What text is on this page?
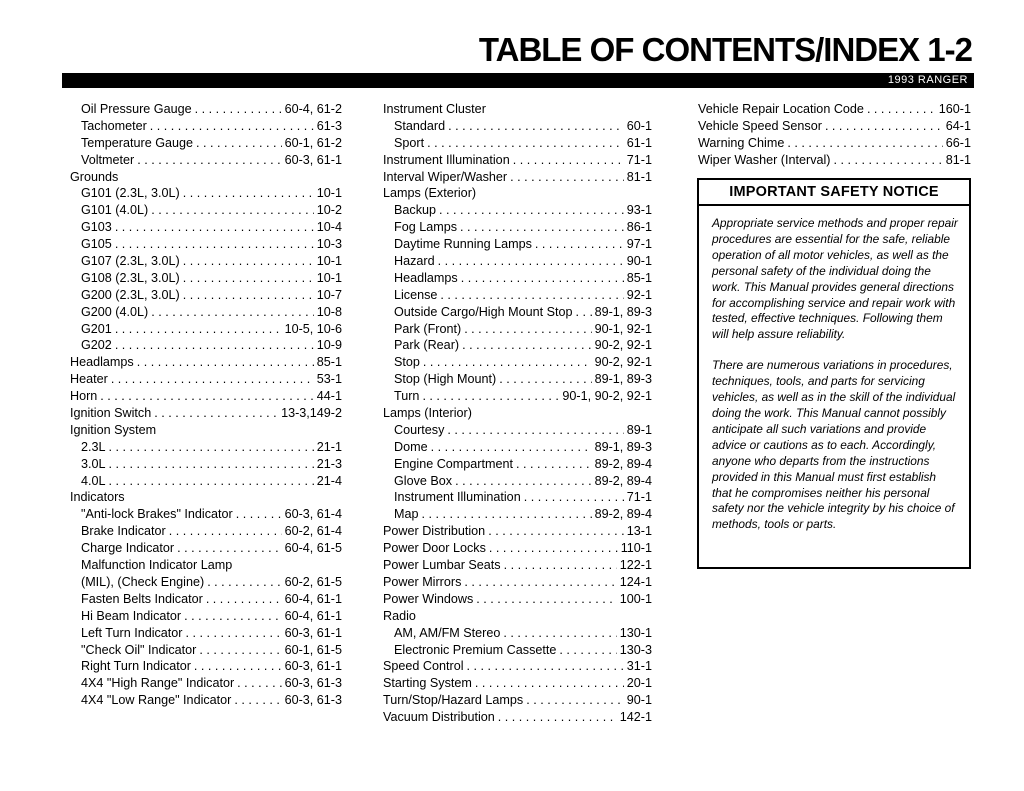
TABLE OF CONTENTS/INDEX 1-2
1993 RANGER
Oil Pressure Gauge . . .	60-4, 61-2
Tachometer . . .	61-3
Temperature Gauge . . .	60-1, 61-2
Voltmeter . . .	60-3, 61-1
Grounds
G101 (2.3L, 3.0L) . . .	10-1
G101 (4.0L) . . .	10-2
G103 . . .	10-4
G105 . . .	10-3
G107 (2.3L, 3.0L) . . .	10-1
G108 (2.3L, 3.0L) . . .	10-1
G200 (2.3L, 3.0L) . . .	10-7
G200 (4.0L) . . .	10-8
G201 . . .	10-5, 10-6
G202 . . .	10-9
Headlamps . . .	85-1
Heater . . .	53-1
Horn . . .	44-1
Ignition Switch . . .	13-3,149-2
Ignition System
2.3L . . .	21-1
3.0L . . .	21-3
4.0L . . .	21-4
Indicators
"Anti-lock Brakes" Indicator . . .	60-3, 61-4
Brake Indicator . . .	60-2, 61-4
Charge Indicator . . .	60-4, 61-5
Malfunction Indicator Lamp
(MIL), (Check Engine) . . .	60-2, 61-5
Fasten Belts Indicator . . .	60-4, 61-1
Hi Beam Indicator . . .	60-4, 61-1
Left Turn Indicator . . .	60-3, 61-1
"Check Oil" Indicator . . .	60-1, 61-5
Right Turn Indicator . . .	60-3, 61-1
4X4 "High Range" Indicator . . .	60-3, 61-3
4X4 "Low Range" Indicator . . .	60-3, 61-3
Instrument Cluster
Standard . . .	60-1
Sport . . .	61-1
Instrument Illumination . . .	71-1
Interval Wiper/Washer . . .	81-1
Lamps (Exterior)
Backup . . .	93-1
Fog Lamps . . .	86-1
Daytime Running Lamps . . .	97-1
Hazard . . .	90-1
Headlamps . . .	85-1
License . . .	92-1
Outside Cargo/High Mount Stop . . . 89-1, 89-3
Park (Front) . . .	90-1, 92-1
Park (Rear) . . .	90-2, 92-1
Stop . . .	90-2, 92-1
Stop (High Mount) . . .	89-1, 89-3
Turn . . .	90-1, 90-2, 92-1
Lamps (Interior)
Courtesy . . .	89-1
Dome . . .	89-1, 89-3
Engine Compartment . . .	89-2, 89-4
Glove Box . . .	89-2, 89-4
Instrument Illumination . . .	71-1
Map . . .	89-2, 89-4
Power Distribution . . .	13-1
Power Door Locks . . .	110-1
Power Lumbar Seats . . .	122-1
Power Mirrors . . .	124-1
Power Windows . . .	100-1
Radio
AM, AM/FM Stereo . . .	130-1
Electronic Premium Cassette . . .	130-3
Speed Control . . .	31-1
Starting System . . .	20-1
Turn/Stop/Hazard Lamps . . .	90-1
Vacuum Distribution . . .	142-1
Vehicle Repair Location Code . . .	160-1
Vehicle Speed Sensor . . .	64-1
Warning Chime . . .	66-1
Wiper Washer (Interval) . . .	81-1
IMPORTANT SAFETY NOTICE

Appropriate service methods and proper repair procedures are essential for the safe, reliable operation of all motor vehicles, as well as the personal safety of the individual doing the work. This Manual provides general directions for accomplishing service and repair work with tested, effective techniques. Following them will help assure reliability.

There are numerous variations in procedures, techniques, tools, and parts for servicing vehicles, as well as in the skill of the individual doing the work. This Manual cannot possibly anticipate all such variations and provide advice or cautions as to each. Accordingly, anyone who departs from the instructions provided in this Manual must first establish that he compromises neither his personal safety nor the vehicle integrity by his choice of methods, tools or parts.
